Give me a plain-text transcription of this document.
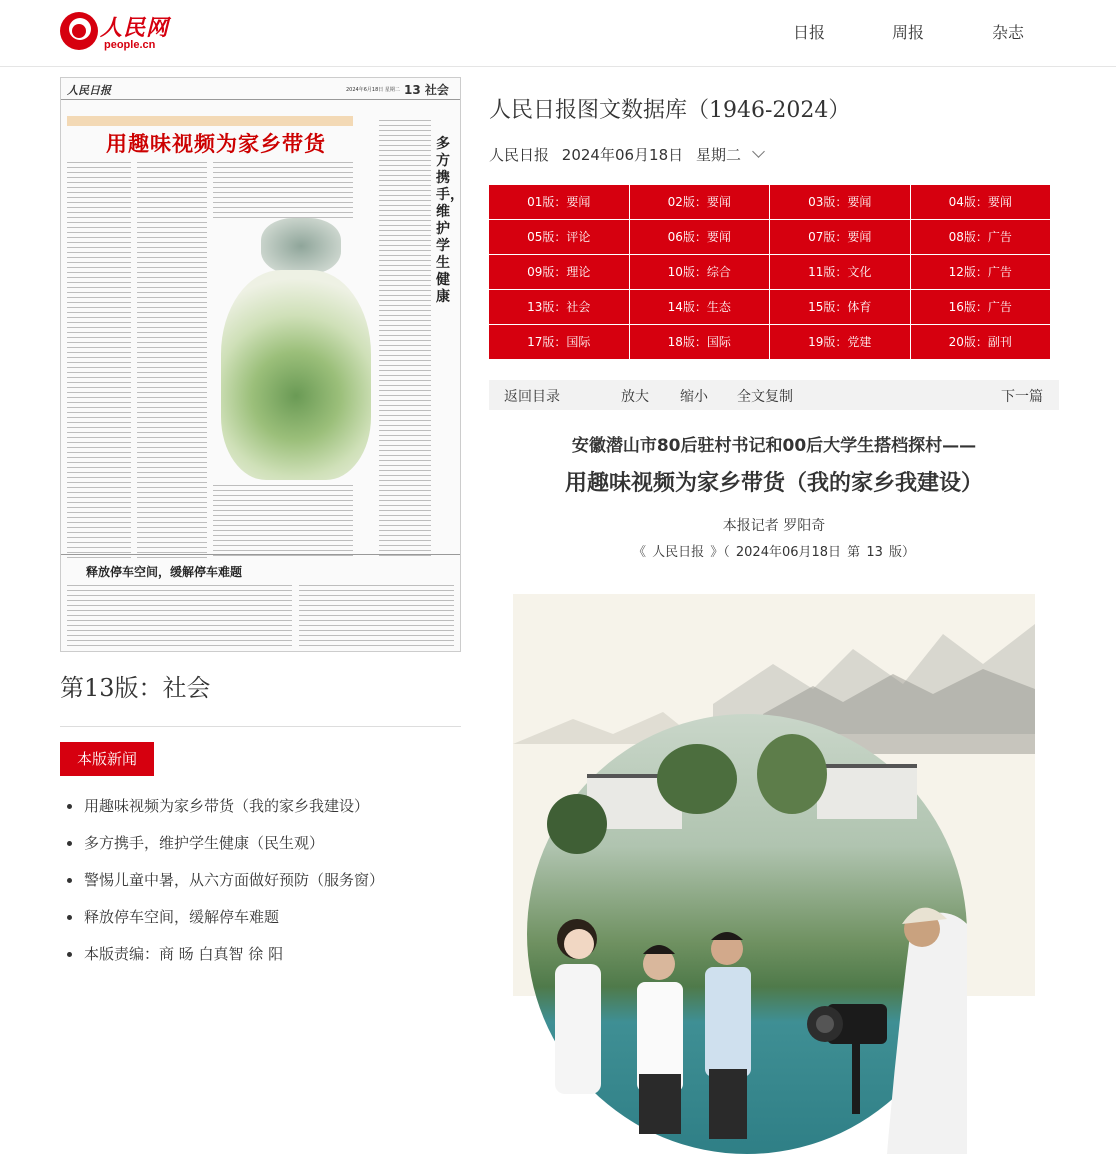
人民网
people.cn
日报	周报	杂志
人民日报	2024年6月18日 星期二 13 社会
用趣味视频为家乡带货	多方携手，维护学生健康
释放停车空间，缓解停车难题
第13版：社会
本版新闻
用趣味视频为家乡带货（我的家乡我建设）
多方携手，维护学生健康（民生观）
警惕儿童中暑，从六方面做好预防（服务窗）
释放停车空间，缓解停车难题
本版责编：商 旸 白真智 徐 阳
人民日报图文数据库（1946-2024）
人民日报 2024年06月18日 星期二
01版：要闻	02版：要闻	03版：要闻	04版：要闻
05版：评论	06版：要闻	07版：要闻	08版：广告
09版：理论	10版：综合	11版：文化	12版：广告
13版：社会	14版：生态	15版：体育	16版：广告
17版：国际	18版：国际	19版：党建	20版：副刊
返回目录	放大 缩小 全文复制	下一篇
安徽潜山市80后驻村书记和00后大学生搭档探村——
用趣味视频为家乡带货（我的家乡我建设）
本报记者 罗阳奇
《 人民日报 》（ 2024年06月18日 第 13 版）
